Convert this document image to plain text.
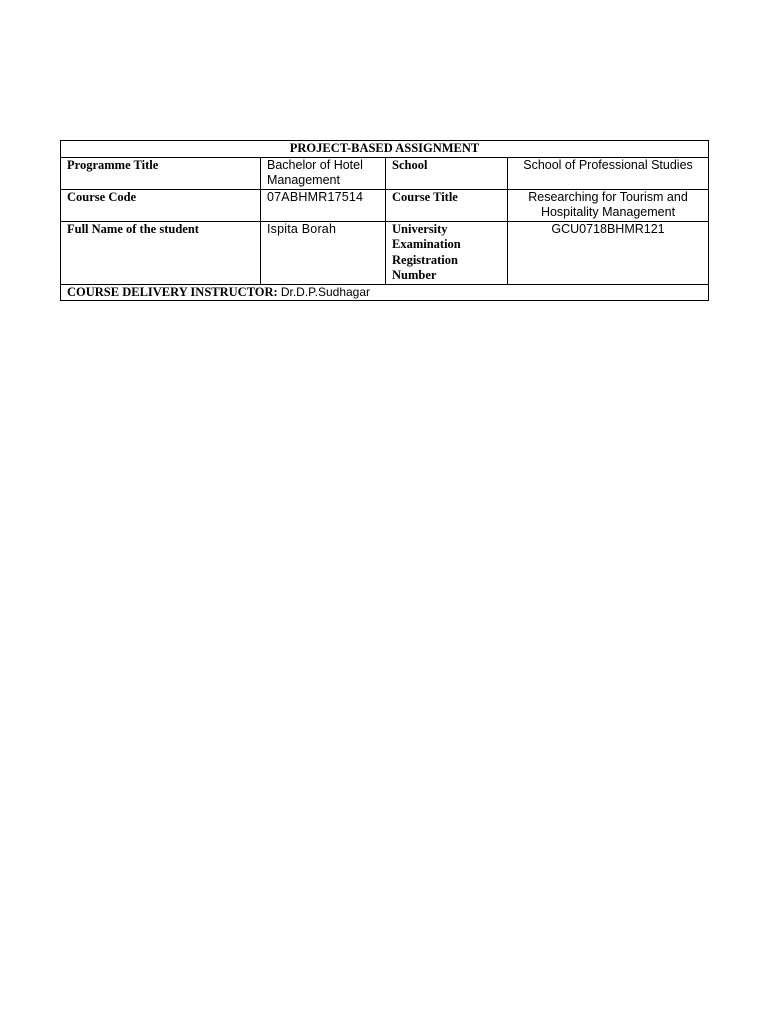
PROJECT-BASED ASSIGNMENT			
Programme Title	Bachelor of Hotel Management	School	School of Professional Studies
Course Code	07ABHMR17514	Course Title	Researching for Tourism and Hospitality Management
Full Name of the student	Ispita Borah	University Examination Registration Number	GCU0718BHMR121
COURSE DELIVERY INSTRUCTOR: Dr.D.P.Sudhagar			
